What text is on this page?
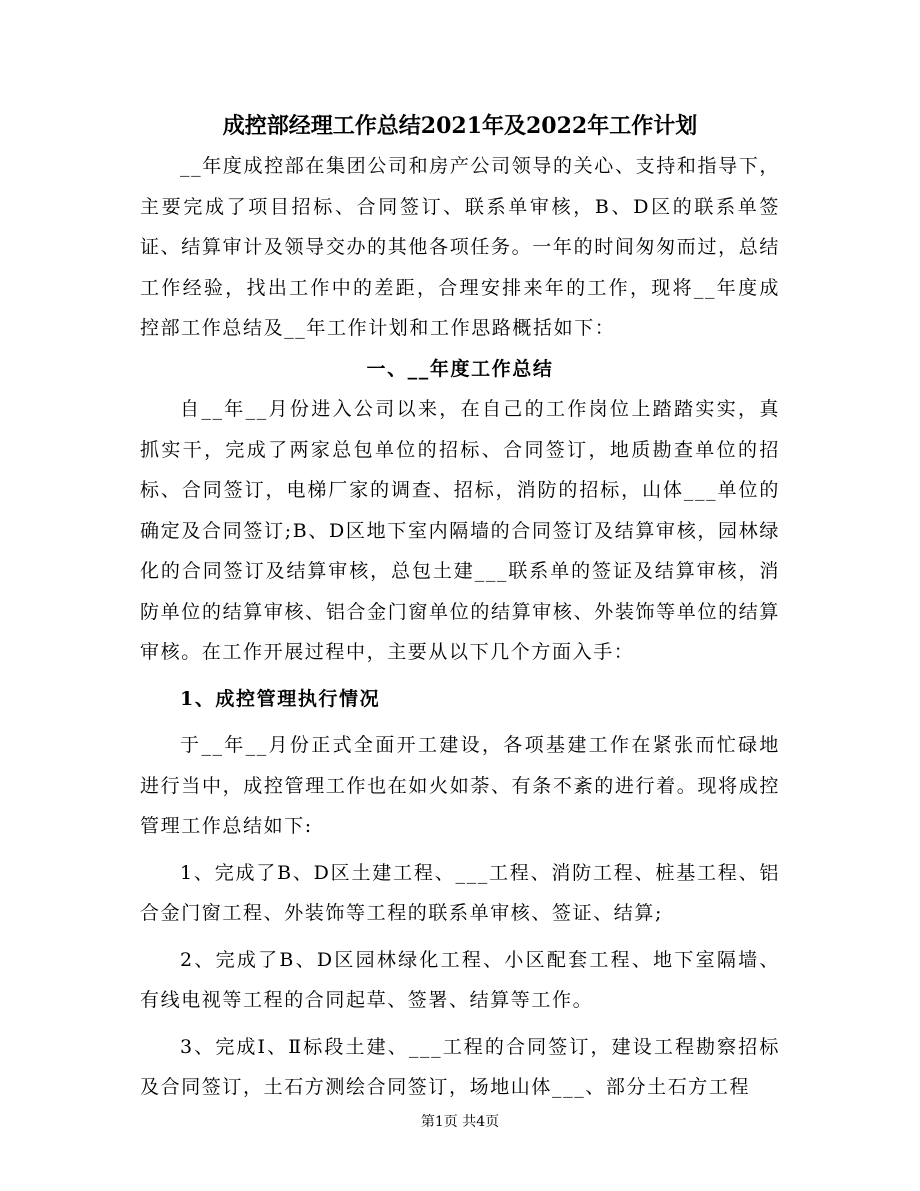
成控部经理工作总结2021年及2022年工作计划

__年度成控部在集团公司和房产公司领导的关心、支持和指导下，主要完成了项目招标、合同签订、联系单审核，B、D区的联系单签证、结算审计及领导交办的其他各项任务。一年的时间匆匆而过，总结工作经验，找出工作中的差距，合理安排来年的工作，现将__年度成控部工作总结及__年工作计划和工作思路概括如下：

一、__年度工作总结

自__年__月份进入公司以来，在自己的工作岗位上踏踏实实，真抓实干，完成了两家总包单位的招标、合同签订，地质勘查单位的招标、合同签订，电梯厂家的调查、招标，消防的招标，山体___单位的确定及合同签订;B、D区地下室内隔墙的合同签订及结算审核，园林绿化的合同签订及结算审核，总包土建___联系单的签证及结算审核，消防单位的结算审核、铝合金门窗单位的结算审核、外装饰等单位的结算审核。在工作开展过程中，主要从以下几个方面入手：

1、成控管理执行情况

于__年__月份正式全面开工建设，各项基建工作在紧张而忙碌地进行当中，成控管理工作也在如火如荼、有条不紊的进行着。现将成控管理工作总结如下:

1、完成了B、D区土建工程、___工程、消防工程、桩基工程、铝合金门窗工程、外装饰等工程的联系单审核、签证、结算;

2、完成了B、D区园林绿化工程、小区配套工程、地下室隔墙、有线电视等工程的合同起草、签署、结算等工作。

3、完成Ⅰ、Ⅱ标段土建、___工程的合同签订，建设工程勘察招标及合同签订，土石方测绘合同签订，场地山体___、部分土石方工程

第1页 共4页
